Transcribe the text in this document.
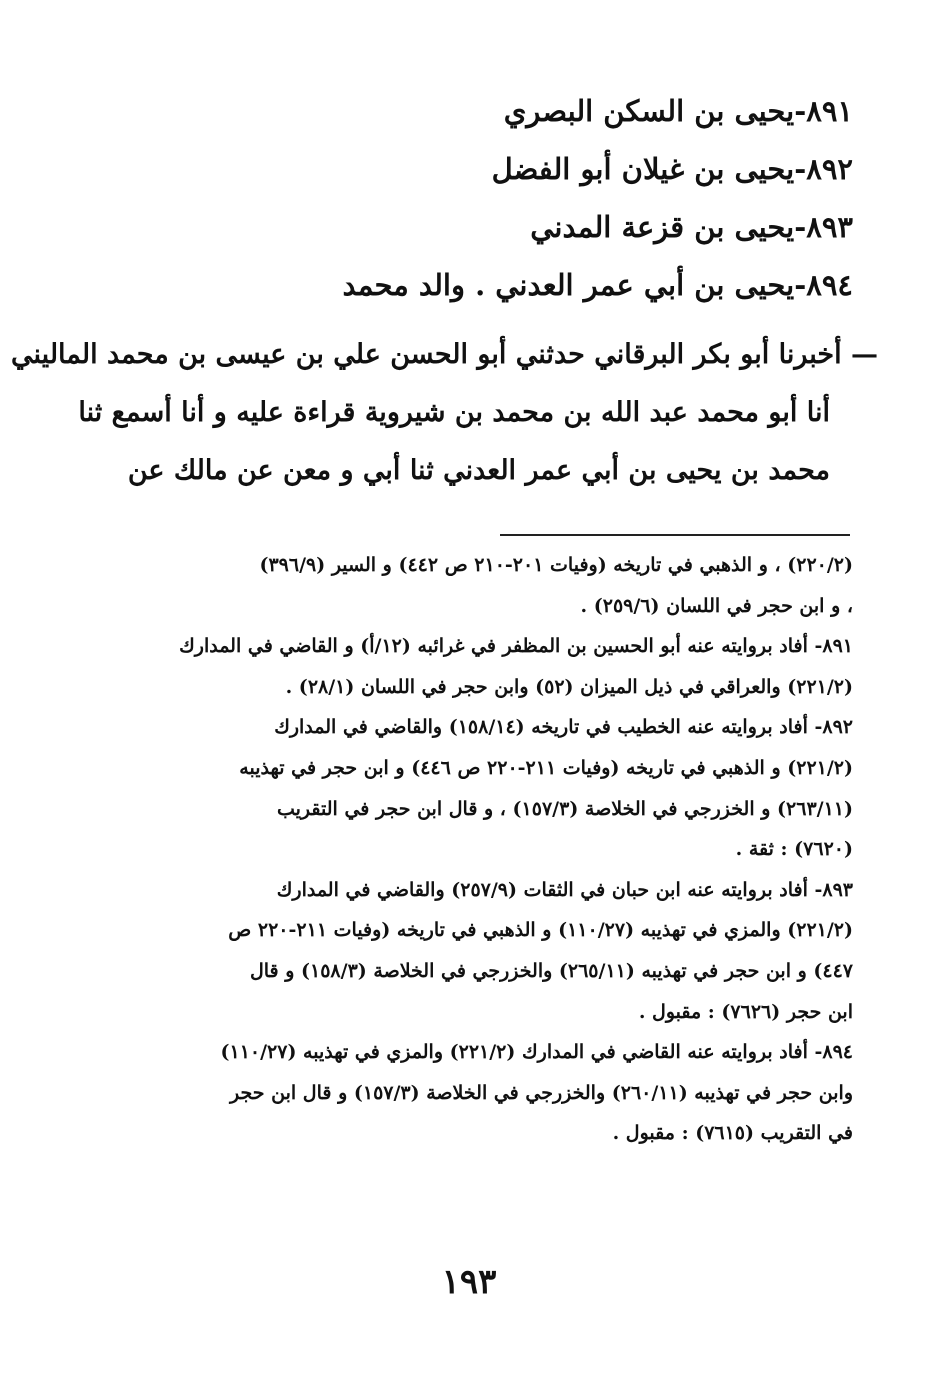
٨٩١-يحيى بن السكن البصري
٨٩٢-يحيى بن غيلان أبو الفضل
٨٩٣-يحيى بن قزعة المدني
٨٩٤-يحيى بن أبي عمر العدني . والد محمد
— أخبرنا أبو بكر البرقاني حدثني أبو الحسن علي بن عيسى بن محمد الماليني
أنا أبو محمد عبد الله بن محمد بن شيروية قراءة عليه و أنا أسمع ثنا
محمد بن يحيى بن أبي عمر العدني ثنا أبي و معن عن مالك عن
(٢٢٠/٢) ، و الذهبي في تاريخه (وفيات ٢٠١-٢١٠ ص ٤٤٢) و السير (٣٩٦/٩)
، و ابن حجر في اللسان (٢٥٩/٦) .
٨٩١- أفاد بروايته عنه أبو الحسين بن المظفر في غرائبه (١٢/أ) و القاضي في المدارك
(٢٢١/٢) والعراقي في ذيل الميزان (٥٢) وابن حجر في اللسان (٢٨/١) .
٨٩٢- أفاد بروايته عنه الخطيب في تاريخه (١٥٨/١٤) والقاضي في المدارك
(٢٢١/٢) و الذهبي في تاريخه (وفيات ٢١١-٢٢٠ ص ٤٤٦) و ابن حجر في تهذيبه
(٢٦٣/١١) و الخزرجي في الخلاصة (١٥٧/٣) ، و قال ابن حجر في التقريب
(٧٦٢٠) : ثقة .
٨٩٣- أفاد بروايته عنه ابن حبان في الثقات (٢٥٧/٩) والقاضي في المدارك
(٢٢١/٢) والمزي في تهذيبه (١١٠/٢٧) و الذهبي في تاريخه (وفيات ٢١١-٢٢٠ ص
٤٤٧) و ابن حجر في تهذيبه (٢٦٥/١١) والخزرجي في الخلاصة (١٥٨/٣) و قال
ابن حجر (٧٦٢٦) : مقبول .
٨٩٤- أفاد بروايته عنه القاضي في المدارك (٢٢١/٢) والمزي في تهذيبه (١١٠/٢٧)
وابن حجر في تهذيبه (٢٦٠/١١) والخزرجي في الخلاصة (١٥٧/٣) و قال ابن حجر
في التقريب (٧٦١٥) : مقبول .
١٩٣
